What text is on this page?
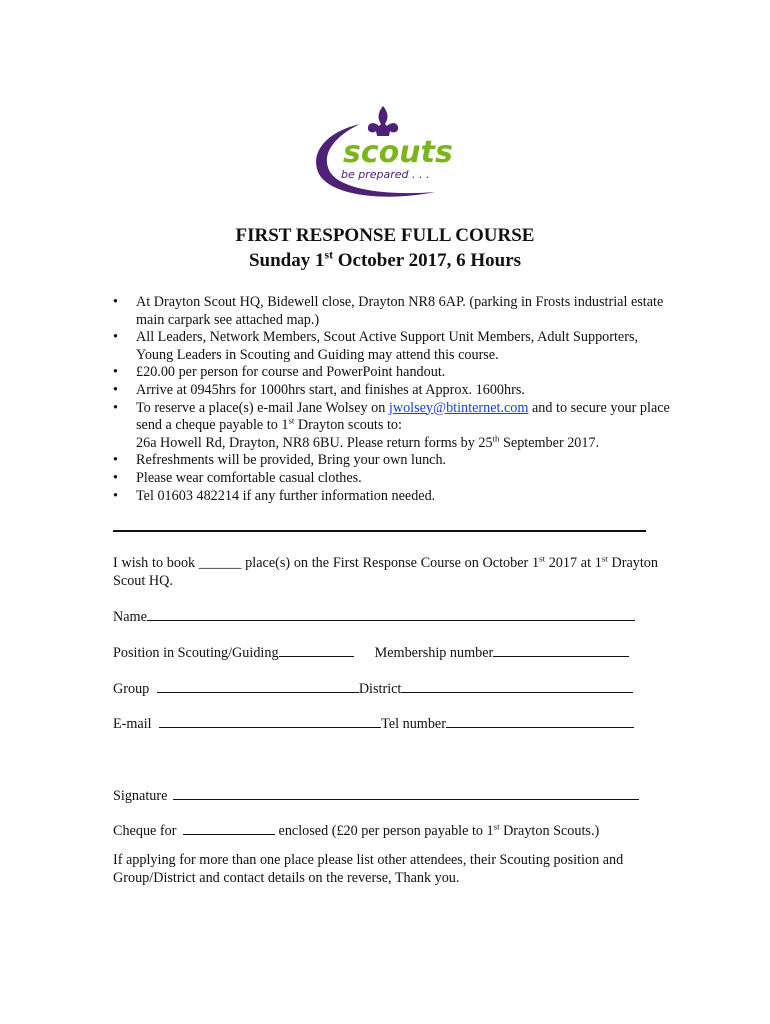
scouts
be prepared . . .
FIRST RESPONSE FULL COURSE
Sunday 1st October 2017, 6 Hours
• At Drayton Scout HQ, Bidewell close, Drayton NR8 6AP. (parking in Frosts industrial estate main carpark see attached map.)
• All Leaders, Network Members, Scout Active Support Unit Members, Adult Supporters, Young Leaders in Scouting and Guiding may attend this course.
• £20.00 per person for course and PowerPoint handout.
• Arrive at 0945hrs for 1000hrs start, and finishes at Approx. 1600hrs.
• To reserve a place(s) e-mail Jane Wolsey on jwolsey@btinternet.com and to secure your place send a cheque payable to 1st Drayton scouts to:
26a Howell Rd, Drayton, NR8 6BU. Please return forms by 25th September 2017.
• Refreshments will be provided, Bring your own lunch.
• Please wear comfortable casual clothes.
• Tel 01603 482214 if any further information needed.
I wish to book ______ place(s) on the First Response Course on October 1st 2017 at 1st Drayton Scout HQ.
Name
Position in Scouting/Guiding	Membership number
Group	District
E-mail	Tel number
Signature
Cheque for	enclosed (£20 per person payable to 1st Drayton Scouts.)
If applying for more than one place please list other attendees, their Scouting position and Group/District and contact details on the reverse, Thank you.
